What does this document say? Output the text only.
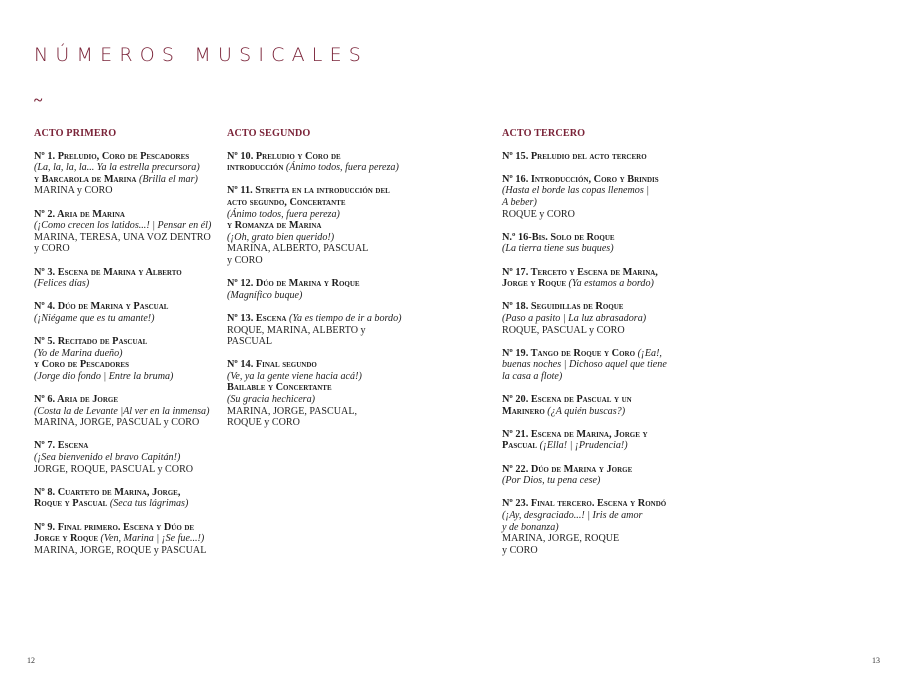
NÚMEROS MUSICALES
~
ACTO PRIMERO
Nº 1. Preludio, Coro de Pescadores
(La, la, la, la... Ya la estrella precursora)
y Barcarola de Marina (Brilla el mar)
MARINA y CORO
Nº 2. Aria de Marina
(¡Como crecen los latidos...! | Pensar en él)
MARINA, TERESA, UNA VOZ DENTRO
y CORO
Nº 3. Escena de Marina y Alberto
(Felices días)
Nº 4. Dúo de Marina y Pascual
(¡Niégame que es tu amante!)
Nº 5. Recitado de Pascual
(Yo de Marina dueño)
y Coro de Pescadores
(Jorge dio fondo | Entre la bruma)
Nº 6. Aria de Jorge
(Costa la de Levante |Al ver en la inmensa)
MARINA, JORGE, PASCUAL y CORO
Nº 7. Escena
(¡Sea bienvenido el bravo Capitán!)
JORGE, ROQUE, PASCUAL y CORO
Nº 8. Cuarteto de Marina, Jorge,
Roque y Pascual (Seca tus lágrimas)
Nº 9. Final primero. Escena y Dúo de
Jorge y Roque (Ven, Marina | ¡Se fue...!)
MARINA, JORGE, ROQUE y PASCUAL
ACTO SEGUNDO
Nº 10. Preludio y Coro de
introducción (Ánimo todos, fuera pereza)
Nº 11. Stretta en la introducción del
acto segundo, Concertante
(Ánimo todos, fuera pereza)
y Romanza de Marina
(¡Oh, grato bien querido!)
MARINA, ALBERTO, PASCUAL
y CORO
Nº 12. Dúo de Marina y Roque
(Magnífico buque)
Nº 13. Escena (Ya es tiempo de ir a bordo)
ROQUE, MARINA, ALBERTO y
PASCUAL
Nº 14. Final segundo
(Ve, ya la gente viene hacia acá!)
Bailable y Concertante
(Su gracia hechicera)
MARINA, JORGE, PASCUAL,
ROQUE y CORO
ACTO TERCERO
Nº 15. Preludio del acto tercero
Nº 16. Introducción, Coro y Brindis
(Hasta el borde las copas llenemos |
A beber)
ROQUE y CORO
N.º 16-Bis. Solo de Roque
(La tierra tiene sus buques)
Nº 17. Terceto y Escena de Marina,
Jorge y Roque (Ya estamos a bordo)
Nº 18. Seguidillas de Roque
(Paso a pasito | La luz abrasadora)
ROQUE, PASCUAL y CORO
Nº 19. Tango de Roque y Coro (¡Ea!,
buenas noches | Dichoso aquel que tiene
la casa a flote)
Nº 20. Escena de Pascual y un
Marinero (¿A quién buscas?)
Nº 21. Escena de Marina, Jorge y
Pascual (¡Ella! | ¡Prudencia!)
Nº 22. Dúo de Marina y Jorge
(Por Dios, tu pena cese)
Nº 23. Final tercero. Escena y Rondó
(¡Ay, desgraciado...! | Iris de amor
y de bonanza)
MARINA, JORGE, ROQUE
y CORO
12	13
